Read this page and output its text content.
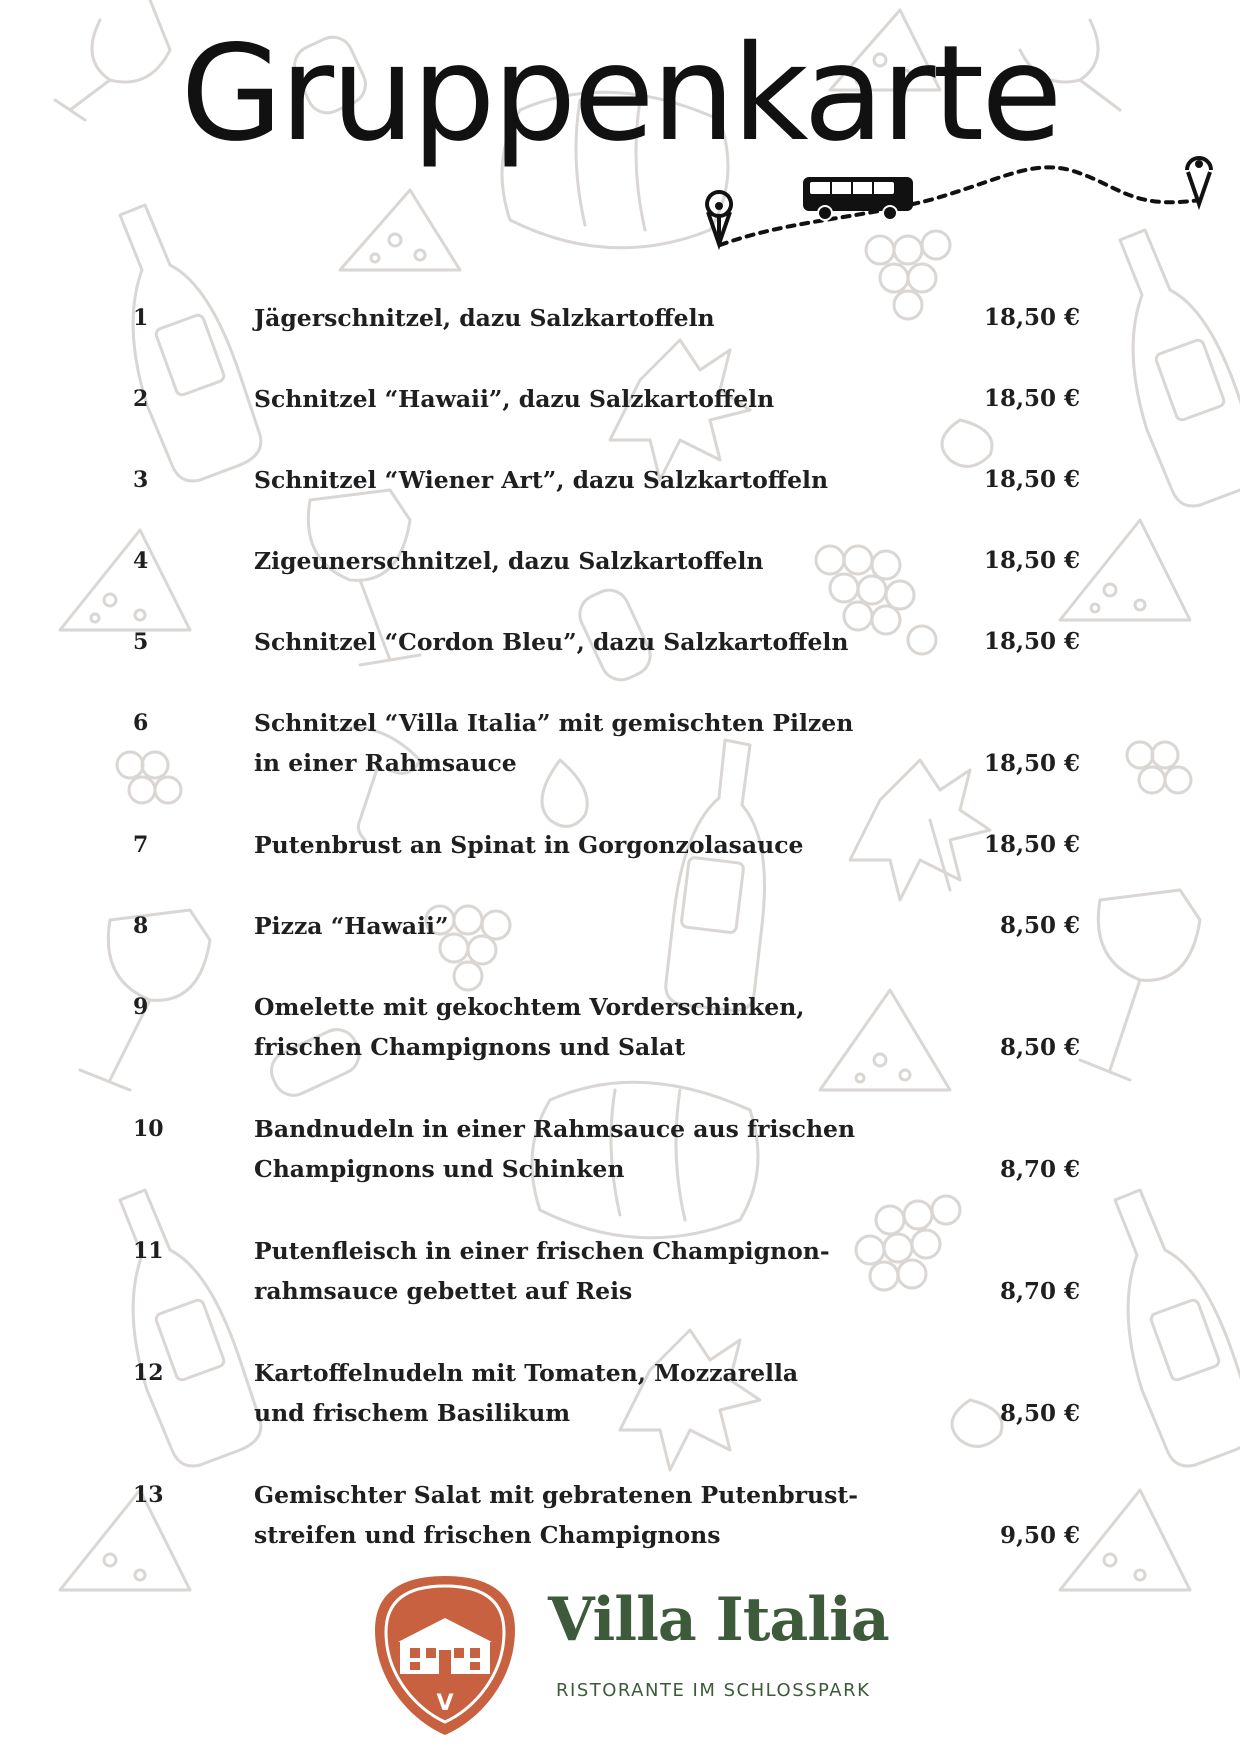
Gruppenkarte
1	Jägerschnitzel, dazu Salzkartoffeln	18,50 €
2	Schnitzel “Hawaii”, dazu Salzkartoffeln	18,50 €
3	Schnitzel “Wiener Art”, dazu Salzkartoffeln	18,50 €
4	Zigeunerschnitzel, dazu Salzkartoffeln	18,50 €
5	Schnitzel “Cordon Bleu”, dazu Salzkartoffeln	18,50 €
6	Schnitzel “Villa Italia” mit gemischten Pilzen
in einer Rahmsauce	18,50 €
7	Putenbrust an Spinat in Gorgonzolasauce	18,50 €
8	Pizza “Hawaii”	8,50 €
9	Omelette mit gekochtem Vorderschinken,
frischen Champignons und Salat	8,50 €
10	Bandnudeln in einer Rahmsauce aus frischen
Champignons und Schinken	8,70 €
11	Putenfleisch in einer frischen Champignon-
rahmsauce gebettet auf Reis	8,70 €
12	Kartoffelnudeln mit Tomaten, Mozzarella
und frischem Basilikum	8,50 €
13	Gemischter Salat mit gebratenen Putenbrust-
streifen und frischen Champignons	9,50 €
V
Villa Italia
RISTORANTE IM SCHLOSSPARK
